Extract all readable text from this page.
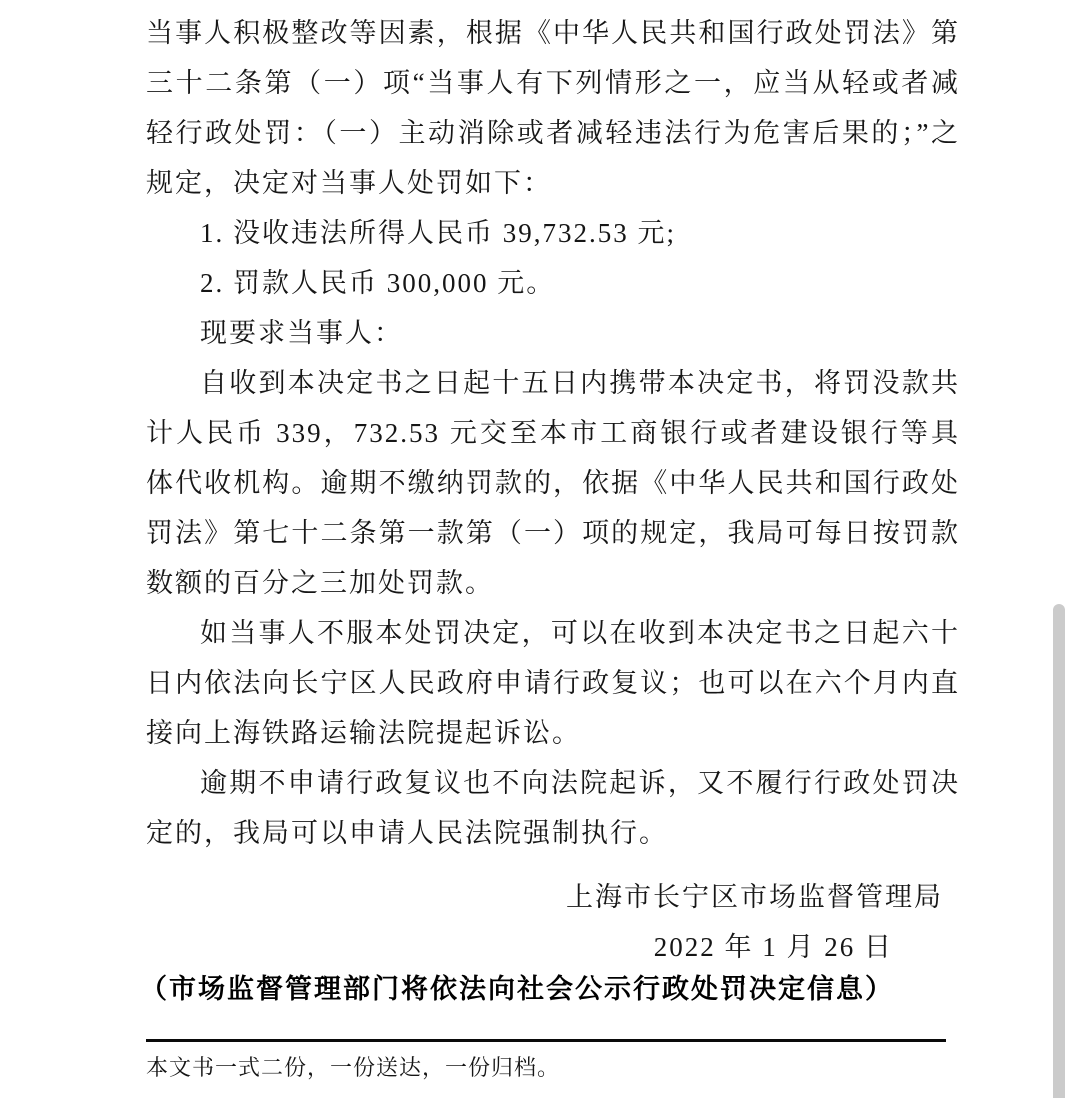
当事人积极整改等因素，根据《中华人民共和国行政处罚法》第三十二条第（一）项“当事人有下列情形之一，应当从轻或者减轻行政处罚：（一）主动消除或者减轻违法行为危害后果的；”之规定，决定对当事人处罚如下：

1. 没收违法所得人民币 39,732.53 元;

2. 罚款人民币 300,000 元。

现要求当事人：

自收到本决定书之日起十五日内携带本决定书，将罚没款共计人民币 339，732.53 元交至本市工商银行或者建设银行等具体代收机构。逾期不缴纳罚款的，依据《中华人民共和国行政处罚法》第七十二条第一款第（一）项的规定，我局可每日按罚款数额的百分之三加处罚款。

如当事人不服本处罚决定，可以在收到本决定书之日起六十日内依法向长宁区人民政府申请行政复议；也可以在六个月内直接向上海铁路运输法院提起诉讼。

逾期不申请行政复议也不向法院起诉，又不履行行政处罚决定的，我局可以申请人民法院强制执行。

上海市长宁区市场监督管理局

2022 年 1 月 26 日

（市场监督管理部门将依法向社会公示行政处罚决定信息）

本文书一式二份，一份送达，一份归档。
